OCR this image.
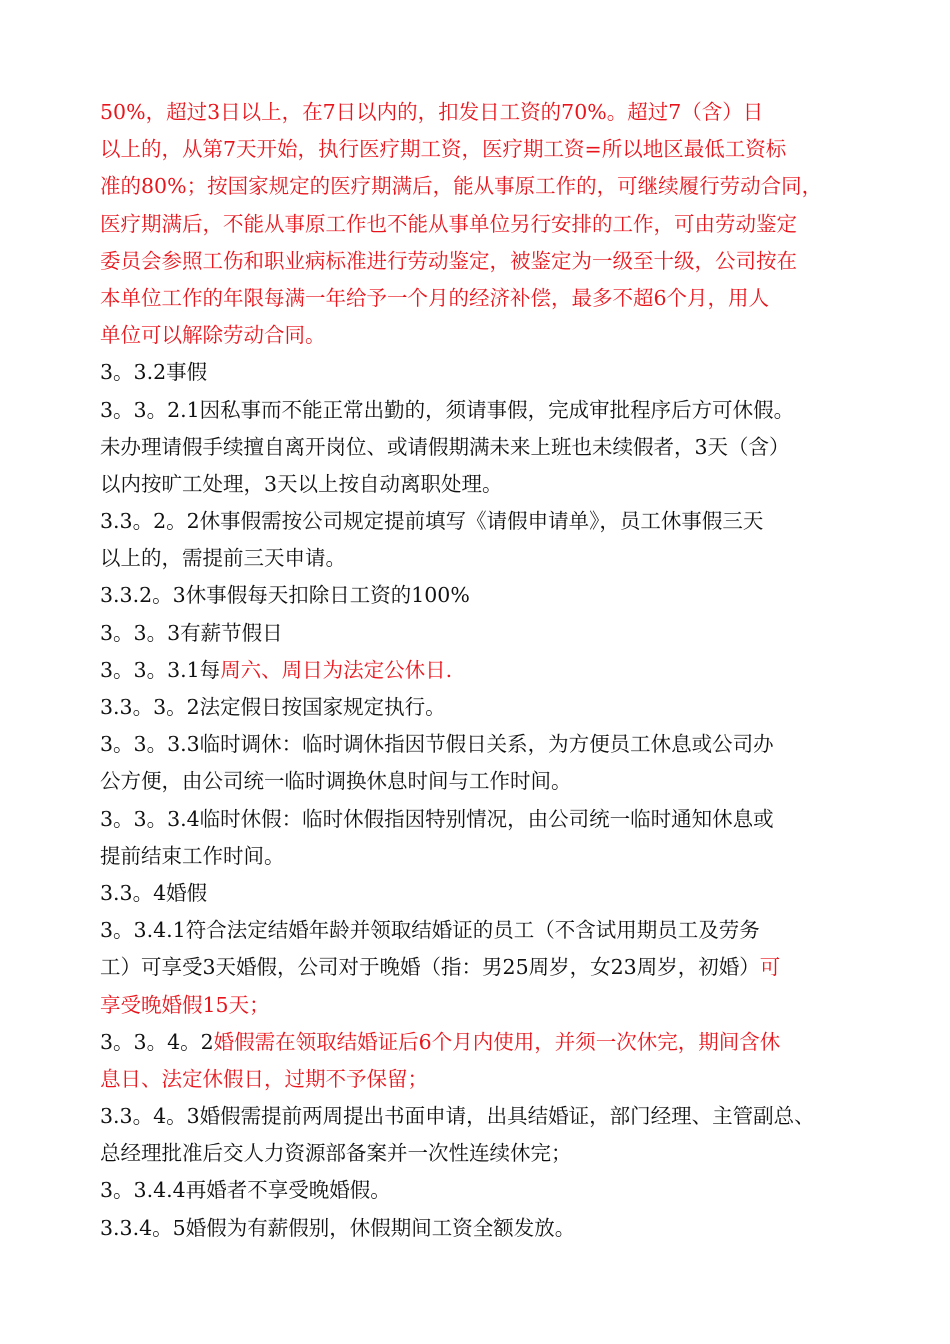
50%，超过3日以上，在7日以内的，扣发日工资的70%。超过7（含）日
以上的，从第7天开始，执行医疗期工资，医疗期工资=所以地区最低工资标
准的80%；按国家规定的医疗期满后，能从事原工作的，可继续履行劳动合同，
医疗期满后，不能从事原工作也不能从事单位另行安排的工作，可由劳动鉴定
委员会参照工伤和职业病标准进行劳动鉴定，被鉴定为一级至十级，公司按在
本单位工作的年限每满一年给予一个月的经济补偿，最多不超6个月，用人
单位可以解除劳动合同。
3。3.2事假
3。3。2.1因私事而不能正常出勤的，须请事假，完成审批程序后方可休假。
未办理请假手续擅自离开岗位、或请假期满未来上班也未续假者，3天（含）
以内按旷工处理，3天以上按自动离职处理。
3.3。2。2休事假需按公司规定提前填写《请假申请单》，员工休事假三天
以上的，需提前三天申请。
3.3.2。3休事假每天扣除日工资的100%
3。3。3有薪节假日
3。3。3.1每周六、周日为法定公休日.
3.3。3。2法定假日按国家规定执行。
3。3。3.3临时调休：临时调休指因节假日关系，为方便员工休息或公司办
公方便，由公司统一临时调换休息时间与工作时间。
3。3。3.4临时休假：临时休假指因特别情况，由公司统一临时通知休息或
提前结束工作时间。
3.3。4婚假
3。3.4.1符合法定结婚年龄并领取结婚证的员工（不含试用期员工及劳务
工）可享受3天婚假，公司对于晚婚（指：男25周岁，女23周岁，初婚）可
享受晚婚假15天；
3。3。4。2婚假需在领取结婚证后6个月内使用，并须一次休完，期间含休
息日、法定休假日，过期不予保留；
3.3。4。3婚假需提前两周提出书面申请，出具结婚证，部门经理、主管副总、
总经理批准后交人力资源部备案并一次性连续休完；
3。3.4.4再婚者不享受晚婚假。
3.3.4。5婚假为有薪假别，休假期间工资全额发放。
